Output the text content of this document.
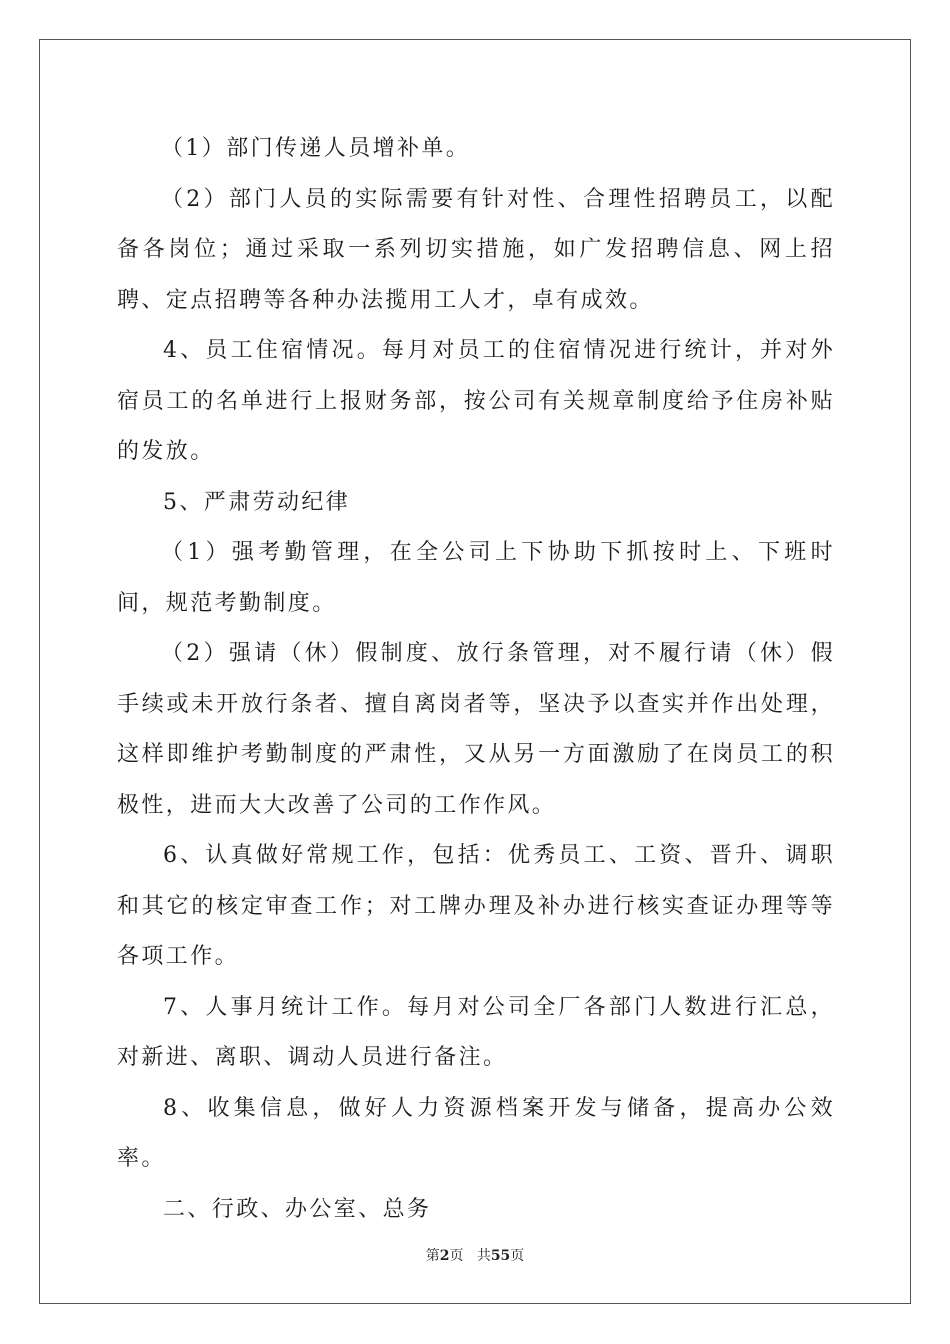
（1）部门传递人员增补单。

（2）部门人员的实际需要有针对性、合理性招聘员工，以配备各岗位；通过采取一系列切实措施，如广发招聘信息、网上招聘、定点招聘等各种办法揽用工人才，卓有成效。

4、员工住宿情况。每月对员工的住宿情况进行统计，并对外宿员工的名单进行上报财务部，按公司有关规章制度给予住房补贴的发放。

5、严肃劳动纪律

（1）强考勤管理，在全公司上下协助下抓按时上、下班时间，规范考勤制度。

（2）强请（休）假制度、放行条管理，对不履行请（休）假手续或未开放行条者、擅自离岗者等，坚决予以查实并作出处理，这样即维护考勤制度的严肃性，又从另一方面激励了在岗员工的积极性，进而大大改善了公司的工作作风。

6、认真做好常规工作，包括：优秀员工、工资、晋升、调职和其它的核定审查工作；对工牌办理及补办进行核实查证办理等等各项工作。

7、人事月统计工作。每月对公司全厂各部门人数进行汇总，对新进、离职、调动人员进行备注。

8、收集信息，做好人力资源档案开发与储备，提高办公效率。

二、行政、办公室、总务

第2页 共55页
